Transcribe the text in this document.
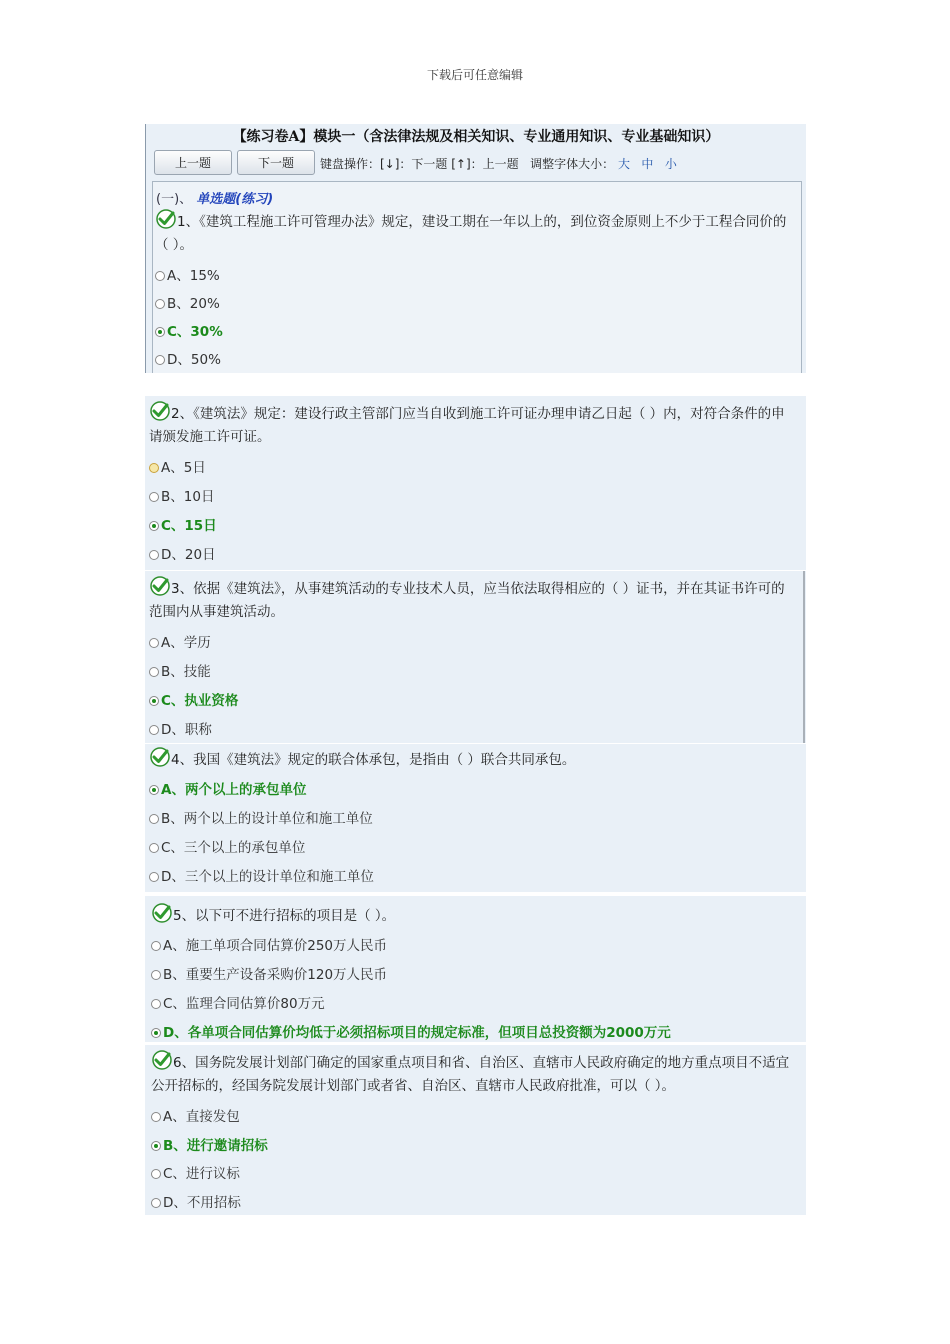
下载后可任意编辑
【练习卷A】模块一（含法律法规及相关知识、专业通用知识、专业基础知识）
上一题	下一题	键盘操作：[↓]：下一题 [↑]：上一题 调整字体大小： 大 中 小
(一)、 单选题(练习)
1、《建筑工程施工许可管理办法》规定，建设工期在一年以上的，到位资金原则上不少于工程合同价的（ ）。
A、15%
B、20%
C、30%
D、50%
2、《建筑法》规定：建设行政主管部门应当自收到施工许可证办理申请乙日起（ ）内，对符合条件的申请颁发施工许可证。
A、5日
B、10日
C、15日
D、20日
3、依据《建筑法》，从事建筑活动的专业技术人员，应当依法取得相应的（ ）证书，并在其证书许可的范围内从事建筑活动。
A、学历
B、技能
C、执业资格
D、职称
4、我国《建筑法》规定的联合体承包，是指由（ ）联合共同承包。
A、两个以上的承包单位
B、两个以上的设计单位和施工单位
C、三个以上的承包单位
D、三个以上的设计单位和施工单位
5、以下可不进行招标的项目是（ ）。
A、施工单项合同估算价250万人民币
B、重要生产设备采购价120万人民币
C、监理合同估算价80万元
D、各单项合同估算价均低于必须招标项目的规定标准，但项目总投资额为2000万元
6、国务院发展计划部门确定的国家重点项目和省、自治区、直辖市人民政府确定的地方重点项目不适宜公开招标的，经国务院发展计划部门或者省、自治区、直辖市人民政府批准，可以（ ）。
A、直接发包
B、进行邀请招标
C、进行议标
D、不用招标
